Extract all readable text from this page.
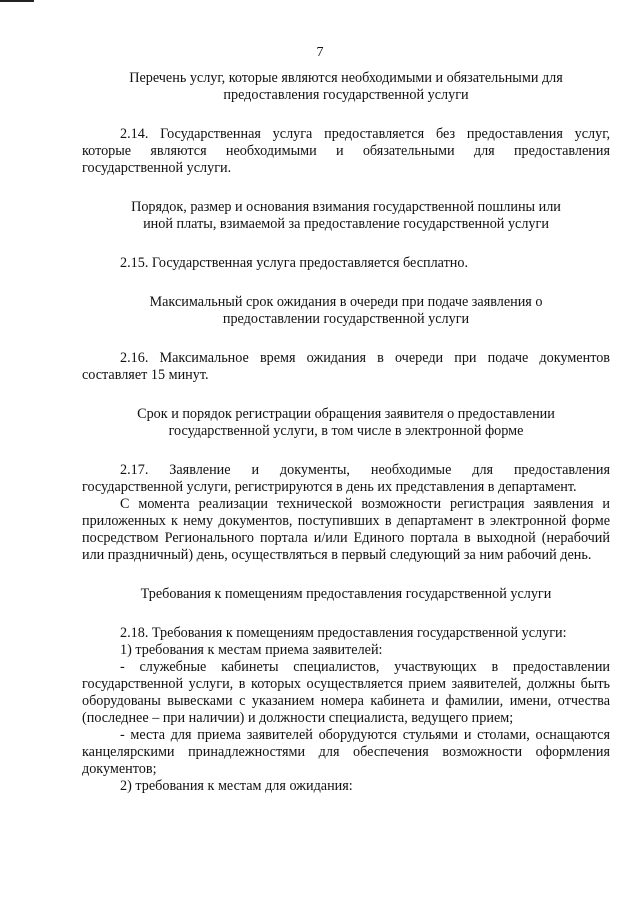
7

Перечень услуг, которые являются необходимыми и обязательными для предоставления государственной услуги

2.14. Государственная услуга предоставляется без предоставления услуг, которые являются необходимыми и обязательными для предоставления государственной услуги.

Порядок, размер и основания взимания государственной пошлины или иной платы, взимаемой за предоставление государственной услуги

2.15. Государственная услуга предоставляется бесплатно.

Максимальный срок ожидания в очереди при подаче заявления о предоставлении государственной услуги

2.16. Максимальное время ожидания в очереди при подаче документов составляет 15 минут.

Срок и порядок регистрации обращения заявителя о предоставлении государственной услуги, в том числе в электронной форме

2.17. Заявление и документы, необходимые для предоставления государственной услуги, регистрируются в день их представления в департамент.

С момента реализации технической возможности регистрация заявления и приложенных к нему документов, поступивших в департамент в электронной форме посредством Регионального портала и/или Единого портала в выходной (нерабочий или праздничный) день, осуществляться в первый следующий за ним рабочий день.

Требования к помещениям предоставления государственной услуги

2.18. Требования к помещениям предоставления государственной услуги:

1) требования к местам приема заявителей:

- служебные кабинеты специалистов, участвующих в предоставлении государственной услуги, в которых осуществляется прием заявителей, должны быть оборудованы вывесками с указанием номера кабинета и фамилии, имени, отчества (последнее – при наличии) и должности специалиста, ведущего прием;

- места для приема заявителей оборудуются стульями и столами, оснащаются канцелярскими принадлежностями для обеспечения возможности оформления документов;

2) требования к местам для ожидания:
